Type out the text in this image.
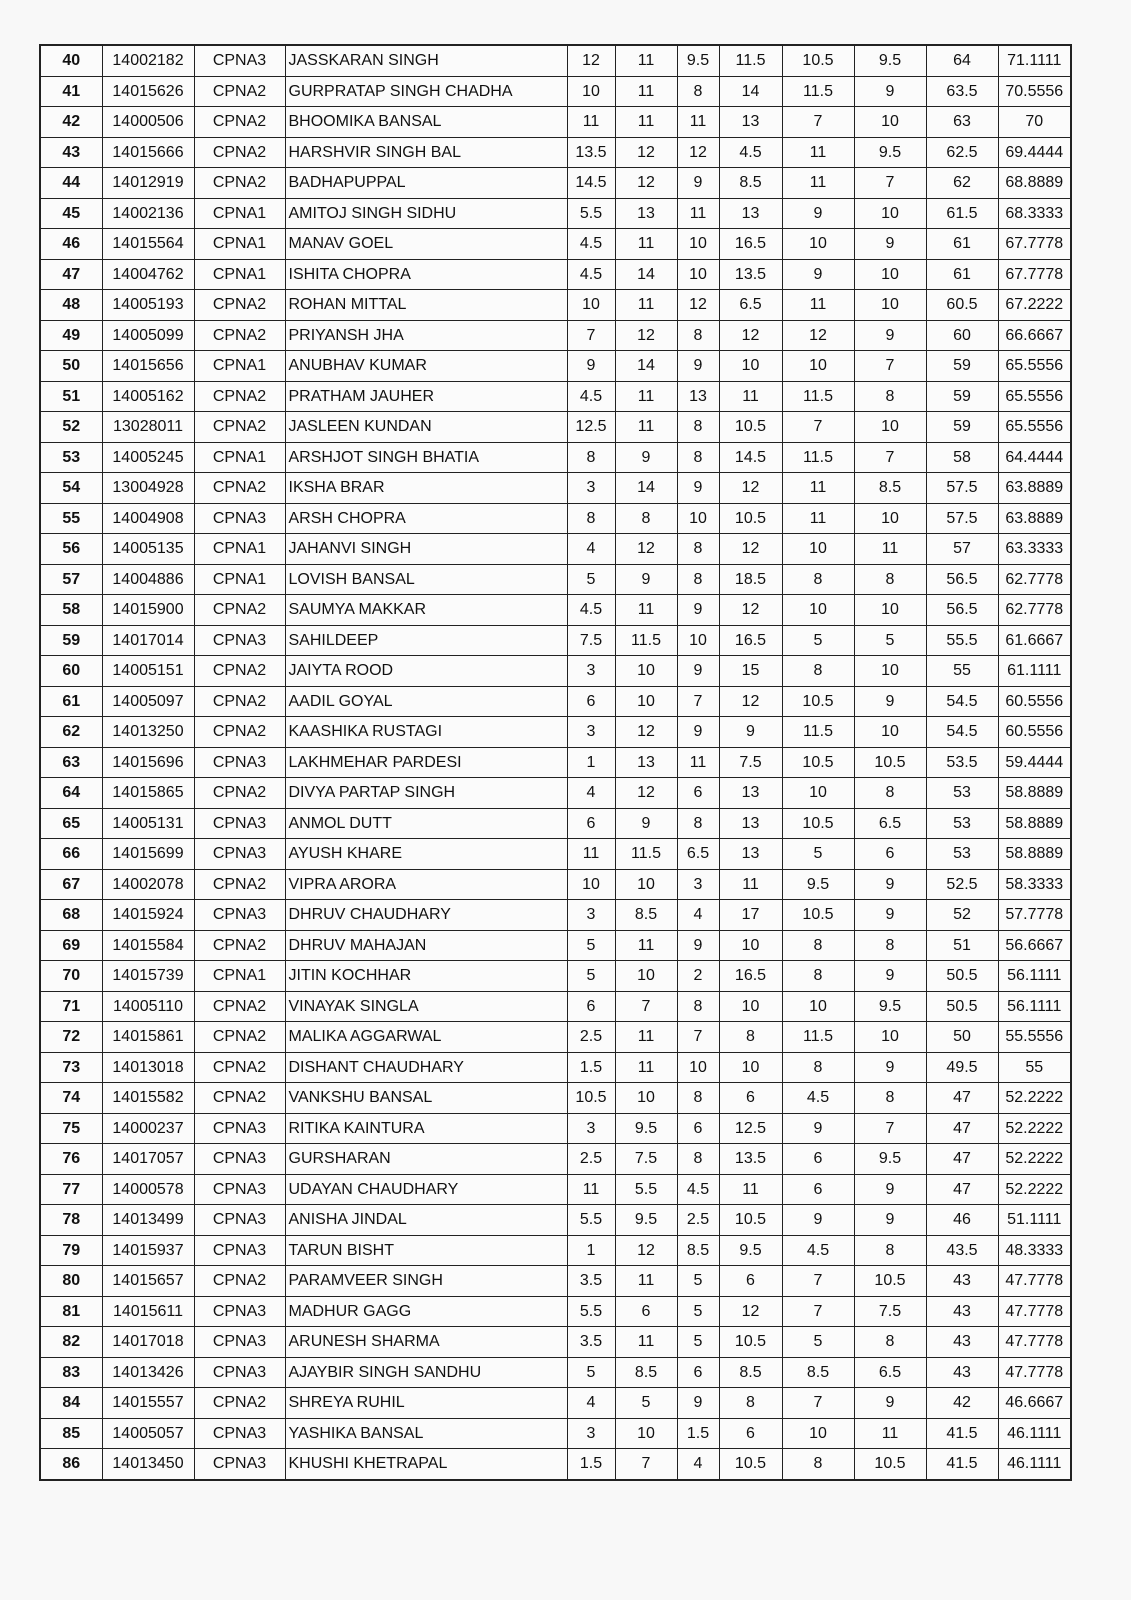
40	14002182	CPNA3	JASSKARAN SINGH	12	11	9.5	11.5	10.5	9.5	64	71.1111
41	14015626	CPNA2	GURPRATAP SINGH CHADHA	10	11	8	14	11.5	9	63.5	70.5556
42	14000506	CPNA2	BHOOMIKA BANSAL	11	11	11	13	7	10	63	70
43	14015666	CPNA2	HARSHVIR SINGH BAL	13.5	12	12	4.5	11	9.5	62.5	69.4444
44	14012919	CPNA2	BADHAPUPPAL	14.5	12	9	8.5	11	7	62	68.8889
45	14002136	CPNA1	AMITOJ SINGH SIDHU	5.5	13	11	13	9	10	61.5	68.3333
46	14015564	CPNA1	MANAV GOEL	4.5	11	10	16.5	10	9	61	67.7778
47	14004762	CPNA1	ISHITA CHOPRA	4.5	14	10	13.5	9	10	61	67.7778
48	14005193	CPNA2	ROHAN MITTAL	10	11	12	6.5	11	10	60.5	67.2222
49	14005099	CPNA2	PRIYANSH JHA	7	12	8	12	12	9	60	66.6667
50	14015656	CPNA1	ANUBHAV KUMAR	9	14	9	10	10	7	59	65.5556
51	14005162	CPNA2	PRATHAM JAUHER	4.5	11	13	11	11.5	8	59	65.5556
52	13028011	CPNA2	JASLEEN KUNDAN	12.5	11	8	10.5	7	10	59	65.5556
53	14005245	CPNA1	ARSHJOT SINGH BHATIA	8	9	8	14.5	11.5	7	58	64.4444
54	13004928	CPNA2	IKSHA BRAR	3	14	9	12	11	8.5	57.5	63.8889
55	14004908	CPNA3	ARSH CHOPRA	8	8	10	10.5	11	10	57.5	63.8889
56	14005135	CPNA1	JAHANVI SINGH	4	12	8	12	10	11	57	63.3333
57	14004886	CPNA1	LOVISH BANSAL	5	9	8	18.5	8	8	56.5	62.7778
58	14015900	CPNA2	SAUMYA MAKKAR	4.5	11	9	12	10	10	56.5	62.7778
59	14017014	CPNA3	SAHILDEEP	7.5	11.5	10	16.5	5	5	55.5	61.6667
60	14005151	CPNA2	JAIYTA ROOD	3	10	9	15	8	10	55	61.1111
61	14005097	CPNA2	AADIL GOYAL	6	10	7	12	10.5	9	54.5	60.5556
62	14013250	CPNA2	KAASHIKA RUSTAGI	3	12	9	9	11.5	10	54.5	60.5556
63	14015696	CPNA3	LAKHMEHAR PARDESI	1	13	11	7.5	10.5	10.5	53.5	59.4444
64	14015865	CPNA2	DIVYA PARTAP SINGH	4	12	6	13	10	8	53	58.8889
65	14005131	CPNA3	ANMOL DUTT	6	9	8	13	10.5	6.5	53	58.8889
66	14015699	CPNA3	AYUSH KHARE	11	11.5	6.5	13	5	6	53	58.8889
67	14002078	CPNA2	VIPRA ARORA	10	10	3	11	9.5	9	52.5	58.3333
68	14015924	CPNA3	DHRUV CHAUDHARY	3	8.5	4	17	10.5	9	52	57.7778
69	14015584	CPNA2	DHRUV MAHAJAN	5	11	9	10	8	8	51	56.6667
70	14015739	CPNA1	JITIN KOCHHAR	5	10	2	16.5	8	9	50.5	56.1111
71	14005110	CPNA2	VINAYAK SINGLA	6	7	8	10	10	9.5	50.5	56.1111
72	14015861	CPNA2	MALIKA AGGARWAL	2.5	11	7	8	11.5	10	50	55.5556
73	14013018	CPNA2	DISHANT CHAUDHARY	1.5	11	10	10	8	9	49.5	55
74	14015582	CPNA2	VANKSHU BANSAL	10.5	10	8	6	4.5	8	47	52.2222
75	14000237	CPNA3	RITIKA KAINTURA	3	9.5	6	12.5	9	7	47	52.2222
76	14017057	CPNA3	GURSHARAN	2.5	7.5	8	13.5	6	9.5	47	52.2222
77	14000578	CPNA3	UDAYAN CHAUDHARY	11	5.5	4.5	11	6	9	47	52.2222
78	14013499	CPNA3	ANISHA JINDAL	5.5	9.5	2.5	10.5	9	9	46	51.1111
79	14015937	CPNA3	TARUN BISHT	1	12	8.5	9.5	4.5	8	43.5	48.3333
80	14015657	CPNA2	PARAMVEER SINGH	3.5	11	5	6	7	10.5	43	47.7778
81	14015611	CPNA3	MADHUR GAGG	5.5	6	5	12	7	7.5	43	47.7778
82	14017018	CPNA3	ARUNESH SHARMA	3.5	11	5	10.5	5	8	43	47.7778
83	14013426	CPNA3	AJAYBIR SINGH SANDHU	5	8.5	6	8.5	8.5	6.5	43	47.7778
84	14015557	CPNA2	SHREYA RUHIL	4	5	9	8	7	9	42	46.6667
85	14005057	CPNA3	YASHIKA BANSAL	3	10	1.5	6	10	11	41.5	46.1111
86	14013450	CPNA3	KHUSHI KHETRAPAL	1.5	7	4	10.5	8	10.5	41.5	46.1111
